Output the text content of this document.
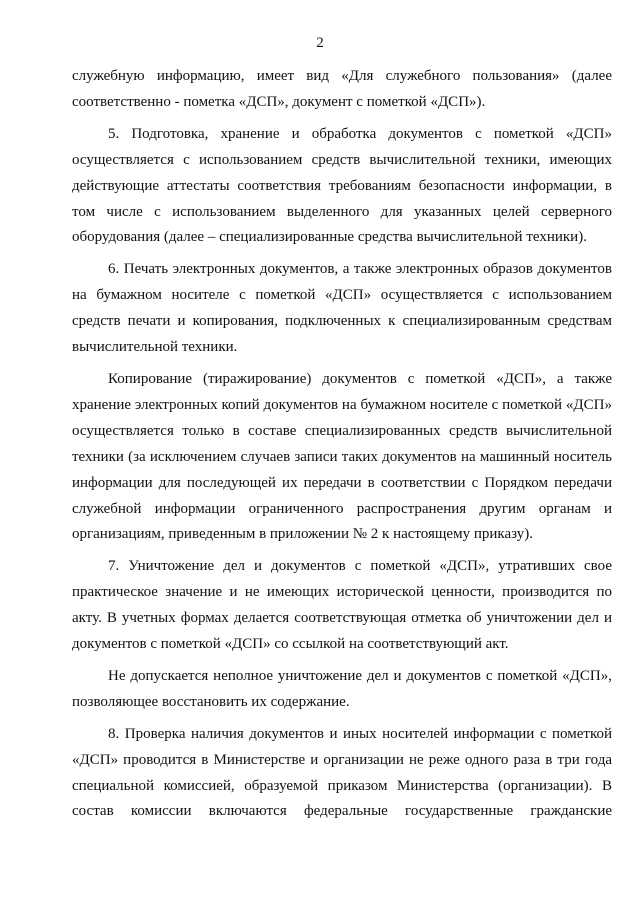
2

служебную информацию, имеет вид «Для служебного пользования» (далее соответственно - пометка «ДСП», документ с пометкой «ДСП»).

5. Подготовка, хранение и обработка документов с пометкой «ДСП» осуществляется с использованием средств вычислительной техники, имеющих действующие аттестаты соответствия требованиям безопасности информации, в том числе с использованием выделенного для указанных целей серверного оборудования (далее – специализированные средства вычислительной техники).

6. Печать электронных документов, а также электронных образов документов на бумажном носителе с пометкой «ДСП» осуществляется с использованием средств печати и копирования, подключенных к специализированным средствам вычислительной техники.

Копирование (тиражирование) документов с пометкой «ДСП», а также хранение электронных копий документов на бумажном носителе с пометкой «ДСП» осуществляется только в составе специализированных средств вычислительной техники (за исключением случаев записи таких документов на машинный носитель информации для последующей их передачи в соответствии с Порядком передачи служебной информации ограниченного распространения другим органам и организациям, приведенным в приложении № 2 к настоящему приказу).

7. Уничтожение дел и документов с пометкой «ДСП», утративших свое практическое значение и не имеющих исторической ценности, производится по акту. В учетных формах делается соответствующая отметка об уничтожении дел и документов с пометкой «ДСП» со ссылкой на соответствующий акт.

Не допускается неполное уничтожение дел и документов с пометкой «ДСП», позволяющее восстановить их содержание.

8. Проверка наличия документов и иных носителей информации с пометкой «ДСП» проводится в Министерстве и организации не реже одного раза в три года специальной комиссией, образуемой приказом Министерства (организации). В состав комиссии включаются федеральные государственные гражданские
